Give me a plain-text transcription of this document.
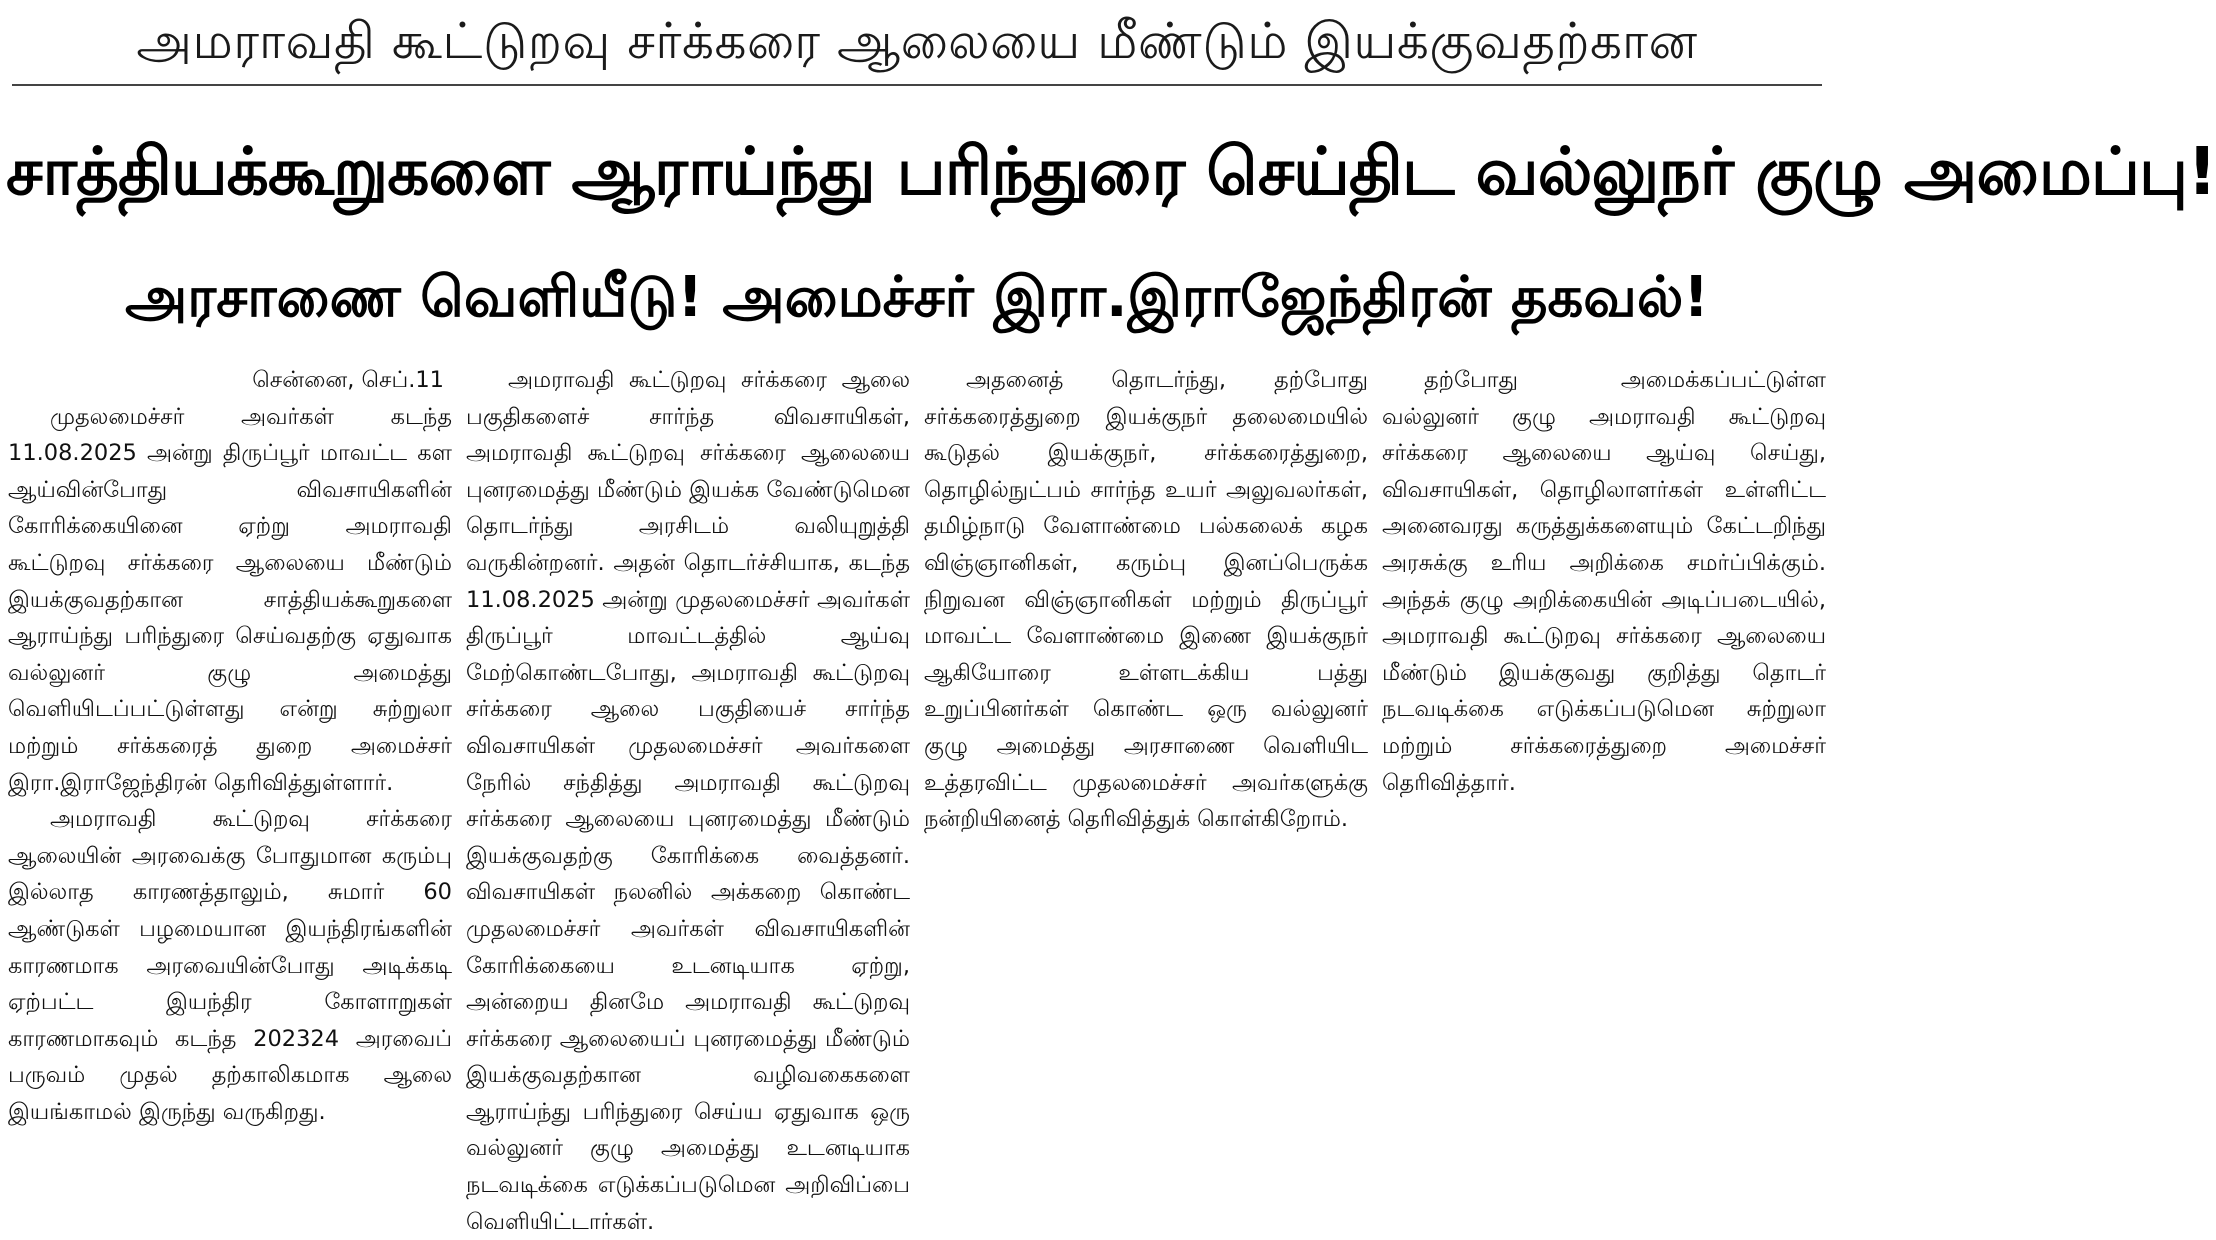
அமராவதி கூட்டுறவு சர்க்கரை ஆலையை மீண்டும் இயக்குவதற்கான
சாத்தியக்கூறுகளை ஆராய்ந்து பரிந்துரை செய்திட வல்லுநர் குழு அமைப்பு!
அரசாணை வெளியீடு! அமைச்சர் இரா.இராஜேந்திரன் தகவல்!

சென்னை, செப்.11

முதலமைச்சர் அவர்கள் கடந்த 11.08.2025 அன்று திருப்பூர் மாவட்ட கள ஆய்வின்போது விவசாயிகளின் கோரிக்கையினை ஏற்று அமராவதி கூட்டுறவு சர்க்கரை ஆலையை மீண்டும் இயக்குவதற்கான சாத்தியக்கூறுகளை ஆராய்ந்து பரிந்துரை செய்வதற்கு ஏதுவாக வல்லுனர் குழு அமைத்து வெளியிடப்பட்டுள்ளது என்று சுற்றுலா மற்றும் சர்க்கரைத் துறை அமைச்சர் இரா.இராஜேந்திரன் தெரிவித்துள்ளார்.

அமராவதி கூட்டுறவு சர்க்கரை ஆலையின் அரவைக்கு போதுமான கரும்பு இல்லாத காரணத்தாலும், சுமார் 60 ஆண்டுகள் பழமையான இயந்திரங்களின் காரணமாக அரவையின்போது அடிக்கடி ஏற்பட்ட இயந்திர கோளாறுகள் காரணமாகவும் கடந்த 202324 அரவைப் பருவம் முதல் தற்காலிகமாக ஆலை இயங்காமல் இருந்து வருகிறது.

அமராவதி கூட்டுறவு சர்க்கரை ஆலை பகுதிகளைச் சார்ந்த விவசாயிகள், அமராவதி கூட்டுறவு சர்க்கரை ஆலையை புனரமைத்து மீண்டும் இயக்க வேண்டுமென தொடர்ந்து அரசிடம் வலியுறுத்தி வருகின்றனர். அதன் தொடர்ச்சியாக, கடந்த 11.08.2025 அன்று முதலமைச்சர் அவர்கள் திருப்பூர் மாவட்டத்தில் ஆய்வு மேற்கொண்டபோது, அமராவதி கூட்டுறவு சர்க்கரை ஆலை பகுதியைச் சார்ந்த விவசாயிகள் முதலமைச்சர் அவர்களை நேரில் சந்தித்து அமராவதி கூட்டுறவு சர்க்கரை ஆலையை புனரமைத்து மீண்டும் இயக்குவதற்கு கோரிக்கை வைத்தனர். விவசாயிகள் நலனில் அக்கறை கொண்ட முதலமைச்சர் அவர்கள் விவசாயிகளின் கோரிக்கையை உடனடியாக ஏற்று, அன்றைய தினமே அமராவதி கூட்டுறவு சர்க்கரை ஆலையைப் புனரமைத்து மீண்டும் இயக்குவதற்கான வழிவகைகளை ஆராய்ந்து பரிந்துரை செய்ய ஏதுவாக ஒரு வல்லுனர் குழு அமைத்து உடனடியாக நடவடிக்கை எடுக்கப்படுமென அறிவிப்பை வெளியிட்டார்கள்.

அதனைத் தொடர்ந்து, தற்போது சர்க்கரைத்துறை இயக்குநர் தலைமையில் கூடுதல் இயக்குநர், சர்க்கரைத்துறை, தொழில்நுட்பம் சார்ந்த உயர் அலுவலர்கள், தமிழ்நாடு வேளாண்மை பல்கலைக் கழக விஞ்ஞானிகள், கரும்பு இனப்பெருக்க நிறுவன விஞ்ஞானிகள் மற்றும் திருப்பூர் மாவட்ட வேளாண்மை இணை இயக்குநர் ஆகியோரை உள்ளடக்கிய பத்து உறுப்பினர்கள் கொண்ட ஒரு வல்லுனர் குழு அமைத்து அரசாணை வெளியிட உத்தரவிட்ட முதலமைச்சர் அவர்களுக்கு நன்றியினைத் தெரிவித்துக் கொள்கிறோம்.

தற்போது அமைக்கப்பட்டுள்ள வல்லுனர் குழு அமராவதி கூட்டுறவு சர்க்கரை ஆலையை ஆய்வு செய்து, விவசாயிகள், தொழிலாளர்கள் உள்ளிட்ட அனைவரது கருத்துக்களையும் கேட்டறிந்து அரசுக்கு உரிய அறிக்கை சமர்ப்பிக்கும். அந்தக் குழு அறிக்கையின் அடிப்படையில், அமராவதி கூட்டுறவு சர்க்கரை ஆலையை மீண்டும் இயக்குவது குறித்து தொடர் நடவடிக்கை எடுக்கப்படுமென சுற்றுலா மற்றும் சர்க்கரைத்துறை அமைச்சர் தெரிவித்தார்.
